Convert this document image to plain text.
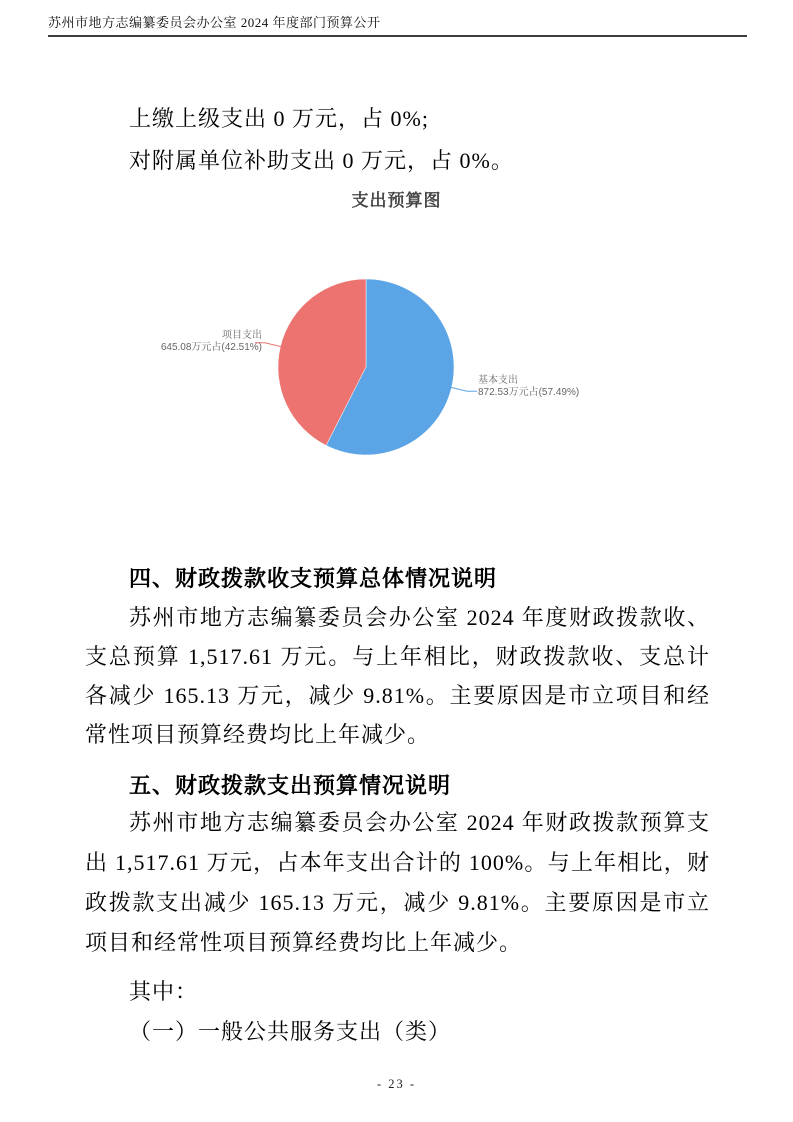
苏州市地方志编纂委员会办公室 2024 年度部门预算公开
上缴上级支出 0 万元，占 0%;
对附属单位补助支出 0 万元，占 0%。
支出预算图
项目支出
645.08万元占(42.51%)
基本支出
872.53万元占(57.49%)
四、财政拨款收支预算总体情况说明
苏州市地方志编纂委员会办公室 2024 年度财政拨款收、支总预算 1,517.61 万元。与上年相比，财政拨款收、支总计各减少 165.13 万元，减少 9.81%。主要原因是市立项目和经常性项目预算经费均比上年减少。
五、财政拨款支出预算情况说明
苏州市地方志编纂委员会办公室 2024 年财政拨款预算支出 1,517.61 万元，占本年支出合计的 100%。与上年相比，财政拨款支出减少 165.13 万元，减少 9.81%。主要原因是市立项目和经常性项目预算经费均比上年减少。
其中：
（一）一般公共服务支出（类）
- 23 -
